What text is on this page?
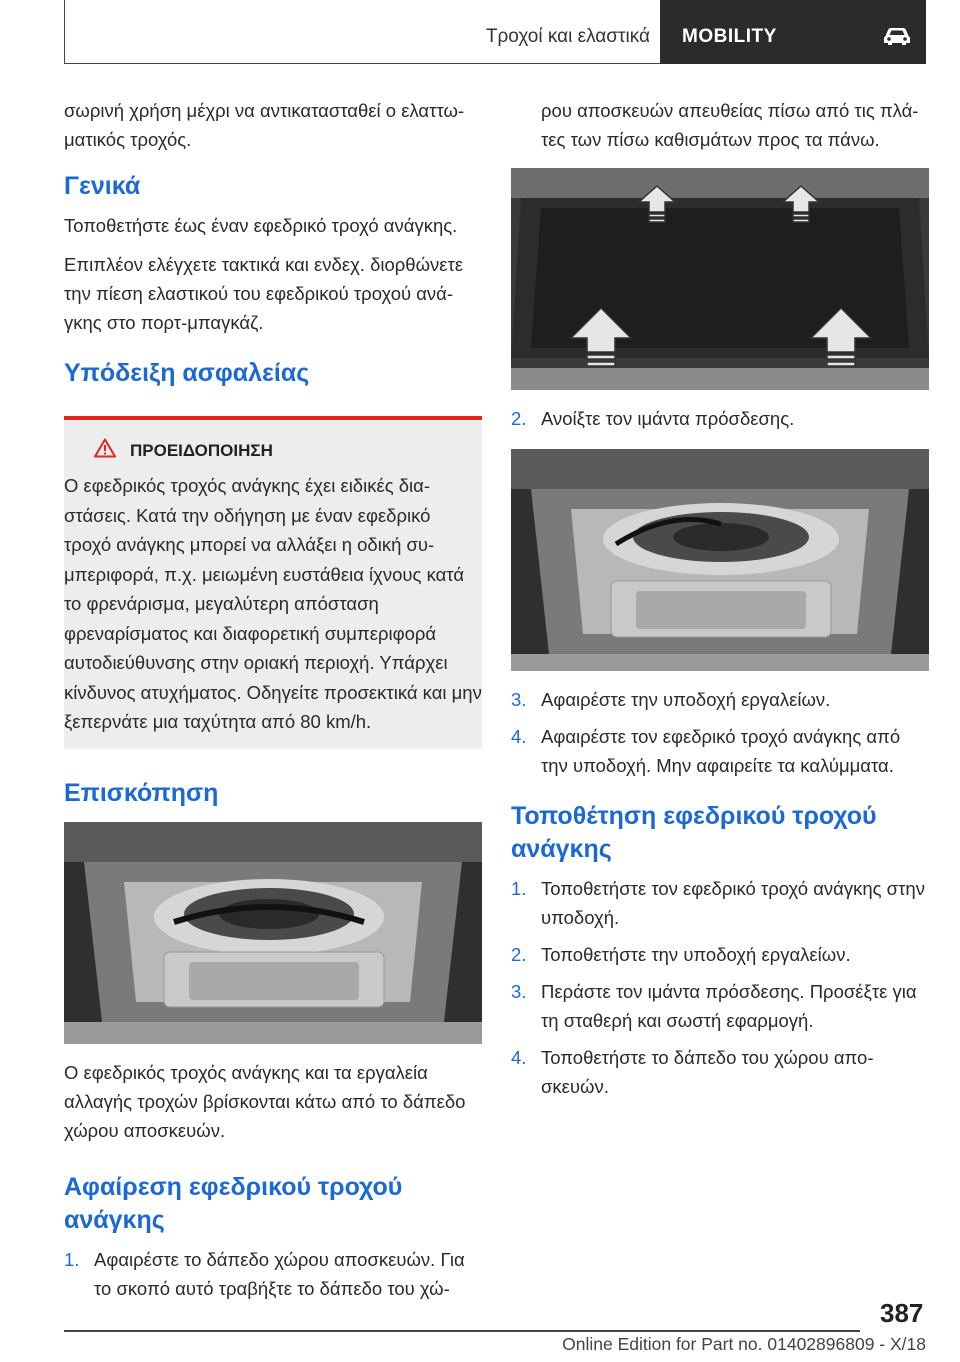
Τροχοί και ελαστικά MOBILITY

σωρινή χρήση μέχρι να αντικατασταθεί ο ελαττω-ματικός τροχός.

Γενικά

Τοποθετήστε έως έναν εφεδρικό τροχό ανάγκης.

Επιπλέον ελέγχετε τακτικά και ενδεχ. διορθώνετε την πίεση ελαστικού του εφεδρικού τροχού ανά-γκης στο πορτ-μπαγκάζ.

Υπόδειξη ασφαλείας
ΠΡΟΕΙΔΟΠΟΙΗΣΗ

Ο εφεδρικός τροχός ανάγκης έχει ειδικές δια-στάσεις. Κατά την οδήγηση με έναν εφεδρικό τροχό ανάγκης μπορεί να αλλάξει η οδική συ-μπεριφορά, π.χ. μειωμένη ευστάθεια ίχνους κατά το φρενάρισμα, μεγαλύτερη απόσταση φρεναρίσματος και διαφορετική συμπεριφορά αυτοδιεύθυνσης στην οριακή περιοχή. Υπάρχει κίνδυνος ατυχήματος. Οδηγείτε προσεκτικά και μην ξεπερνάτε μια ταχύτητα από 80 km/h.

Επισκόπηση

Ο εφεδρικός τροχός ανάγκης και τα εργαλεία αλλαγής τροχών βρίσκονται κάτω από το δάπεδο χώρου αποσκευών.

Αφαίρεση εφεδρικού τροχού ανάγκης
1. Αφαιρέστε το δάπεδο χώρου αποσκευών. Για το σκοπό αυτό τραβήξτε το δάπεδο του χώ-

ρου αποσκευών απευθείας πίσω από τις πλά-τες των πίσω καθισμάτων προς τα πάνω.

2. Ανοίξτε τον ιμάντα πρόσδεσης.
3. Αφαιρέστε την υποδοχή εργαλείων.
4. Αφαιρέστε τον εφεδρικό τροχό ανάγκης από την υποδοχή. Μην αφαιρείτε τα καλύμματα.
Τοποθέτηση εφεδρικού τροχού ανάγκης
1. Τοποθετήστε τον εφεδρικό τροχό ανάγκης στην υποδοχή.
2. Τοποθετήστε την υποδοχή εργαλείων.
3. Περάστε τον ιμάντα πρόσδεσης. Προσέξτε για τη σταθερή και σωστή εφαρμογή.
4. Τοποθετήστε το δάπεδο του χώρου απο-σκευών.
387
Online Edition for Part no. 01402896809 - X/18
